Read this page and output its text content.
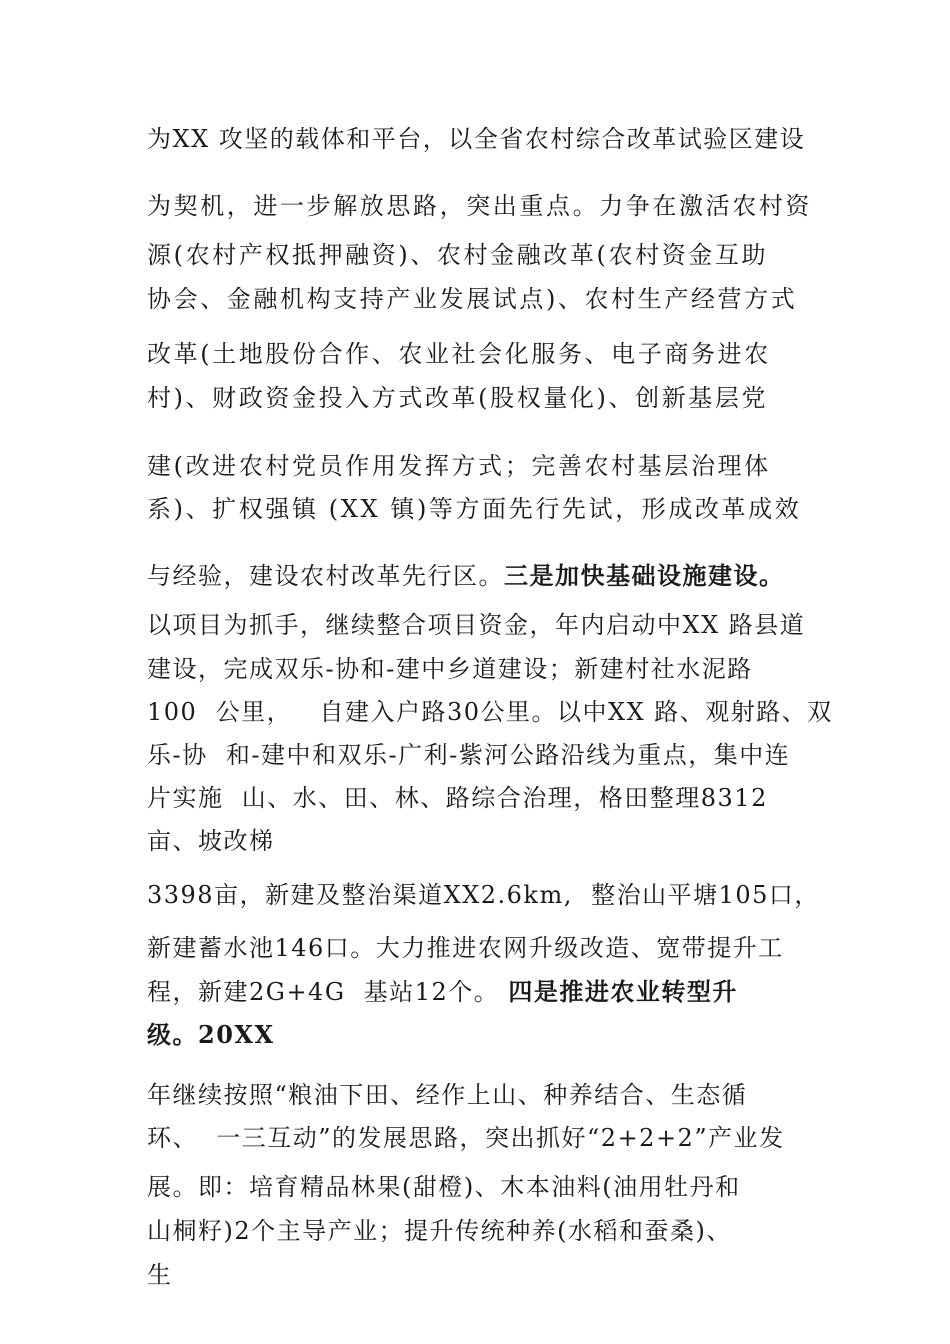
为XX 攻坚的载体和平台，以全省农村综合改革试验区建设

为契机，进一步解放思路，突出重点。力争在激活农村资

源(农村产权抵押融资)、农村金融改革(农村资金互助

协会、金融机构支持产业发展试点)、农村生产经营方式

改革(土地股份合作、农业社会化服务、电子商务进农

村)、财政资金投入方式改革(股权量化)、创新基层党

建(改进农村党员作用发挥方式；完善农村基层治理体

系)、扩权强镇 (XX 镇)等方面先行先试，形成改革成效

与经验，建设农村改革先行区。三是加快基础设施建设。

以项目为抓手，继续整合项目资金，年内启动中XX 路县道

建设，完成双乐-协和-建中乡道建设；新建村社水泥路

100  公里，   自建入户路30公里。以中XX 路、观射路、双

乐-协  和-建中和双乐-广利-紫河公路沿线为重点，集中连

片实施  山、水、田、林、路综合治理，格田整理8312

亩、坡改梯

3398亩，新建及整治渠道XX2.6km,  整治山平塘105口，

新建蓄水池146口。大力推进农网升级改造、宽带提升工

程，新建2G+4G  基站12个。 四是推进农业转型升

级。20XX

年继续按照“粮油下田、经作上山、种养结合、生态循

环、  一三互动”的发展思路，突出抓好“2+2+2”产业发

展。即：培育精品林果(甜橙)、木本油料(油用牡丹和

山桐籽)2个主导产业；提升传统种养(水稻和蚕桑)、

生
